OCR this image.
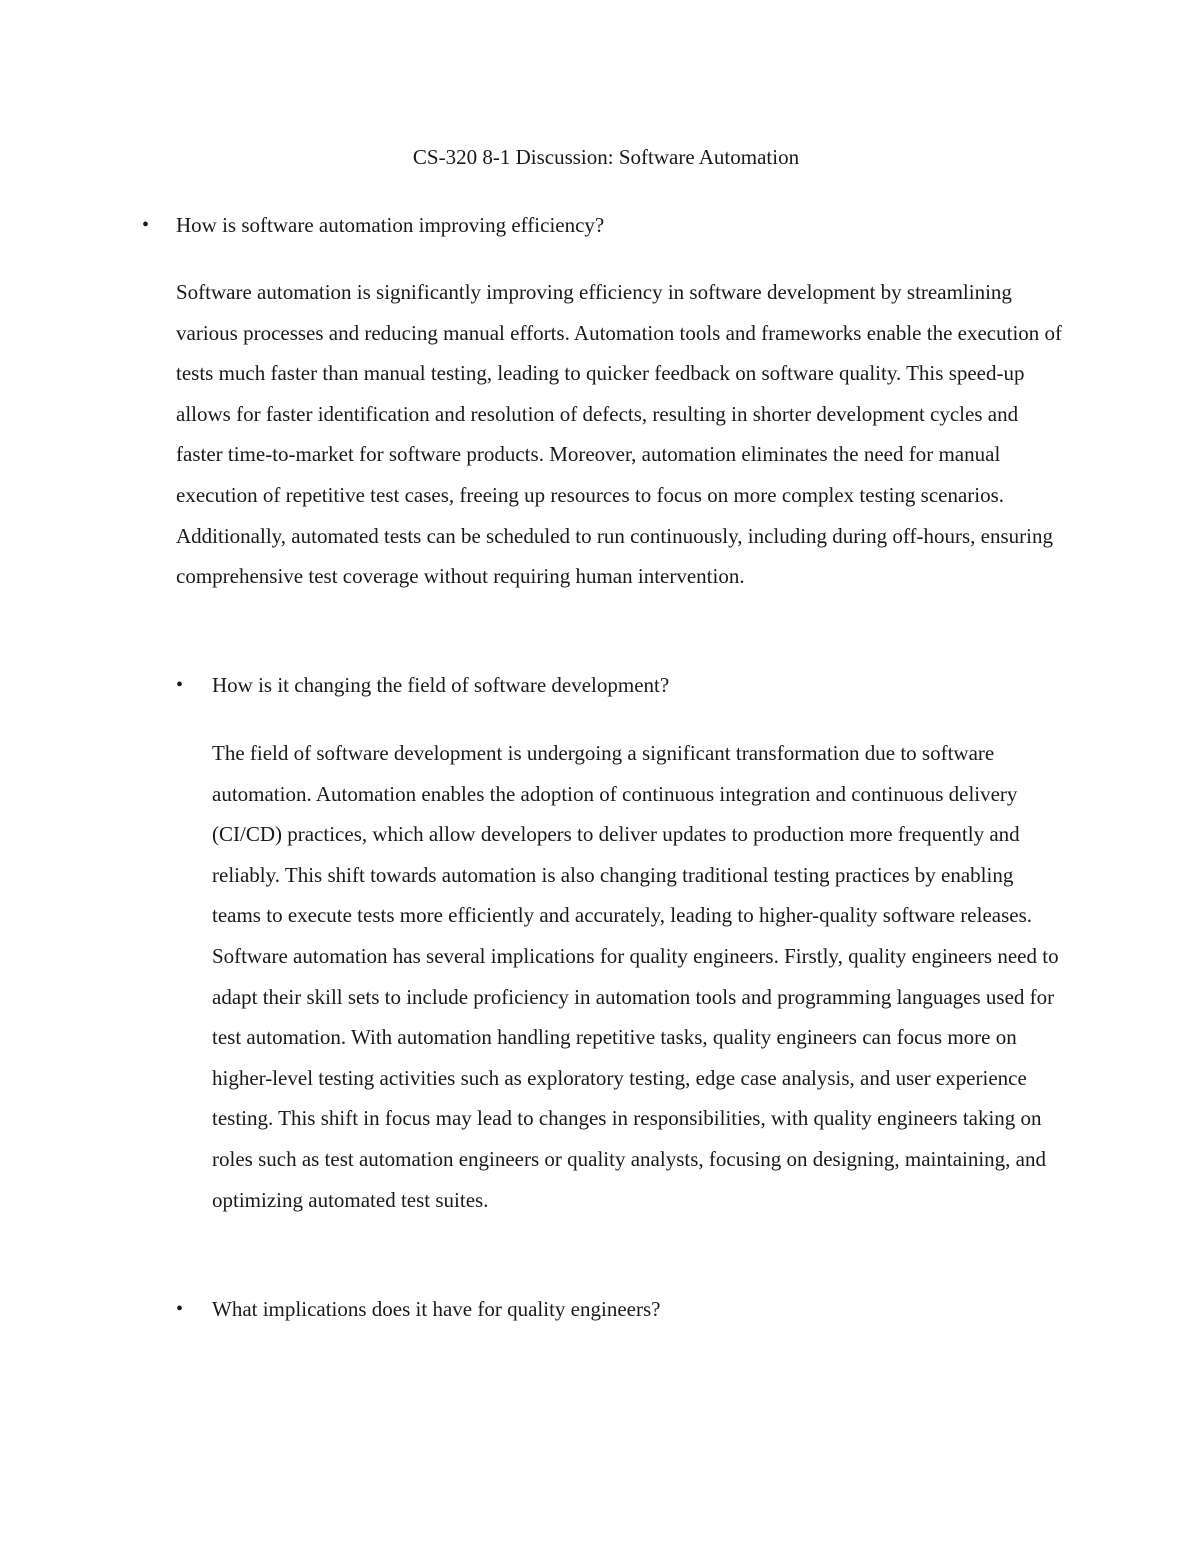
CS-320 8-1 Discussion: Software Automation
• How is software automation improving efficiency?
Software automation is significantly improving efficiency in software development by streamlining various processes and reducing manual efforts. Automation tools and frameworks enable the execution of tests much faster than manual testing, leading to quicker feedback on software quality. This speed-up allows for faster identification and resolution of defects, resulting in shorter development cycles and faster time-to-market for software products. Moreover, automation eliminates the need for manual execution of repetitive test cases, freeing up resources to focus on more complex testing scenarios. Additionally, automated tests can be scheduled to run continuously, including during off-hours, ensuring comprehensive test coverage without requiring human intervention.
• How is it changing the field of software development?
The field of software development is undergoing a significant transformation due to software automation. Automation enables the adoption of continuous integration and continuous delivery (CI/CD) practices, which allow developers to deliver updates to production more frequently and reliably. This shift towards automation is also changing traditional testing practices by enabling teams to execute tests more efficiently and accurately, leading to higher-quality software releases. Software automation has several implications for quality engineers. Firstly, quality engineers need to adapt their skill sets to include proficiency in automation tools and programming languages used for test automation. With automation handling repetitive tasks, quality engineers can focus more on higher-level testing activities such as exploratory testing, edge case analysis, and user experience testing. This shift in focus may lead to changes in responsibilities, with quality engineers taking on roles such as test automation engineers or quality analysts, focusing on designing, maintaining, and optimizing automated test suites.
• What implications does it have for quality engineers?
